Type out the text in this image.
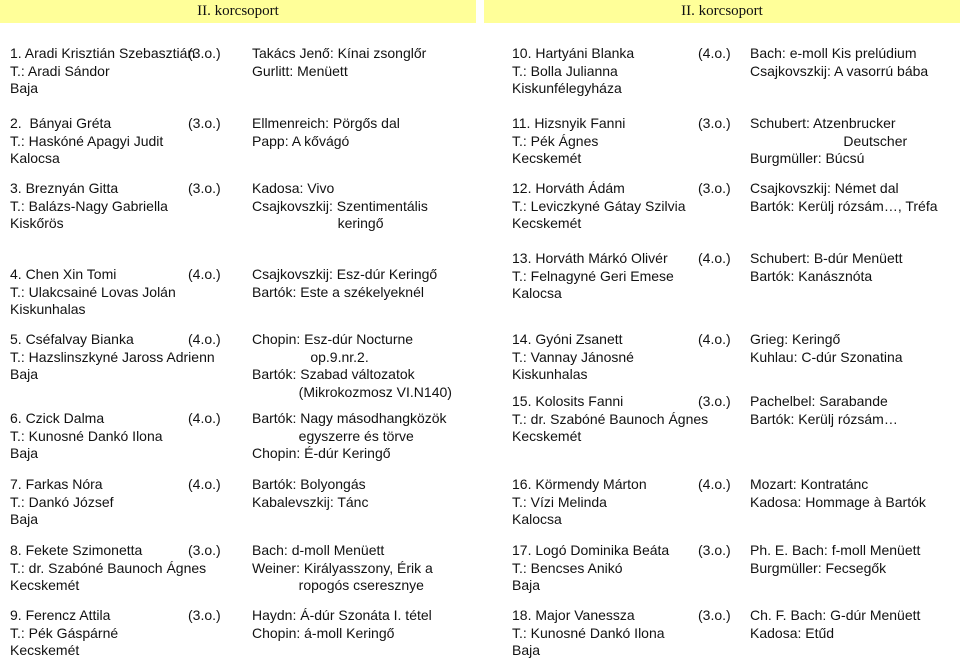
II. korcsoport	II. korcsoport
1. Aradi Krisztián Szebasztián
T.: Aradi Sándor
Baja
(3.o.) Takács Jenő: Kínai zsonglőr
Gurlitt: Menüett
2.  Bányai Gréta
T.: Haskóné Apagyi Judit
Kalocsa
(3.o.) Ellmenreich: Pörgős dal
Papp: A kővágó
3. Breznyán Gitta
T.: Balázs-Nagy Gabriella
Kiskőrös
(3.o.) Kadosa: Vivo
Csajkovszkij: Szentimentális
keringő
4. Chen Xin Tomi
T.: Ulakcsainé Lovas Jolán
Kiskunhalas
(4.o.) Csajkovszkij: Esz-dúr Keringő
Bartók: Este a székelyeknél
5. Cséfalvay Bianka
T.: Hazslinszkyné Jaross Adrienn
Baja
(4.o.) Chopin: Esz-dúr Nocturne
op.9.nr.2.
Bartók: Szabad változatok
(Mikrokozmosz VI.N140)
6. Czick Dalma
T.: Kunosné Dankó Ilona
Baja
(4.o.) Bartók: Nagy másodhangközök
egyszerre és törve
Chopin: É-dúr Keringő
7. Farkas Nóra
T.: Dankó József
Baja
(4.o.) Bartók: Bolyongás
Kabalevszkij: Tánc
8. Fekete Szimonetta
T.: dr. Szabóné Baunoch Ágnes
Kecskemét
(3.o.) Bach: d-moll Menüett
Weiner: Királyasszony, Érik a
ropogós cseresznye
9. Ferencz Attila
T.: Pék Gáspárné
Kecskemét
(3.o.) Haydn: Á-dúr Szonáta I. tétel
Chopin: á-moll Keringő
10. Hartyáni Blanka
T.: Bolla Julianna
Kiskunfélegyháza
(4.o.) Bach: e-moll Kis prelúdium
Csajkovszkij: A vasorrú bába
11. Hizsnyik Fanni
T.: Pék Ágnes
Kecskemét
(3.o.) Schubert: Atzenbrucker
Deutscher
Burgmüller: Búcsú
12. Horváth Ádám
T.: Leviczkyné Gátay Szilvia
Kecskemét
(3.o.) Csajkovszkij: Német dal
Bartók: Kerülj rózsám…, Tréfa
13. Horváth Márkó Olivér
T.: Felnagyné Geri Emese
Kalocsa
(4.o.) Schubert: B-dúr Menüett
Bartók: Kanásznóta
14. Gyóni Zsanett
T.: Vannay Jánosné
Kiskunhalas
(4.o.) Grieg: Keringő
Kuhlau: C-dúr Szonatina
15. Kolosits Fanni
T.: dr. Szabóné Baunoch Ágnes
Kecskemét
(3.o.) Pachelbel: Sarabande
Bartók: Kerülj rózsám…
16. Körmendy Márton
T.: Vízi Melinda
Kalocsa
(4.o.) Mozart: Kontratánc
Kadosa: Hommage à Bartók
17. Logó Dominika Beáta
T.: Bencses Anikó
Baja
(3.o.) Ph. E. Bach: f-moll Menüett
Burgmüller: Fecsegők
18. Major Vanessza
T.: Kunosné Dankó Ilona
Baja
(3.o.) Ch. F. Bach: G-dúr Menüett
Kadosa: Etűd
